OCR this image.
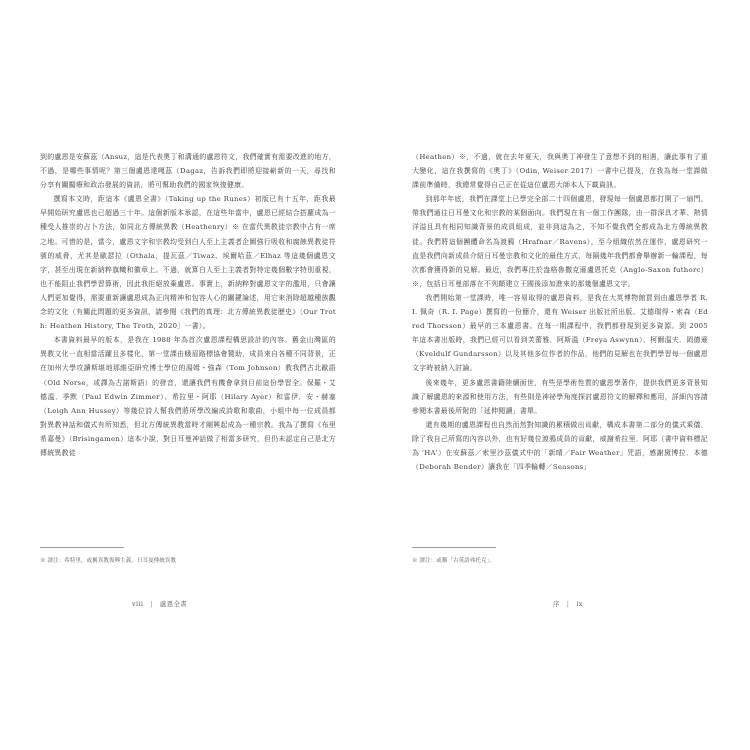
到的盧恩是安蘇茲（Ansuz，這是代表奧丁和溝通的盧恩符文，我們確實有需要改進的地方，不過，是哪些事情呢？第三個盧恩達嘎茲（Dagaz，告訴我們即將迎接嶄新的一天，尋找和分享有關醫療和政治發展的資訊，將可幫助我們的國家恢復健康。

撰寫本文時，距這本《盧恩全書》（Taking up the Runes）初版已有十五年，距我最早開始研究盧恩也已超過三十年。這個新版本承認，在這些年當中，盧恩已經結合搭蘿成為一種受人推崇的占卜方法，如同北方傳統異教（Heathenry）※ 在當代異教徒宗教中占有一席之地。可惜的是，當今，盧恩文字和宗教均受到白人至上主義者企圖強行吸收和腐蝕異教徒符號的威脅，尤其是歐瑟拉（Othala，提瓦茲／Tiwaz、埃爾哈茲／Elhaz 等這幾個盧恩文字，甚至出現在新納粹旗幟和徽章上。不過，就算白人至上主義者對特定幾個數字特別重視，也不能阻止我們學習算術，因此我拒絕放棄盧恩。事實上，新納粹對盧恩文字的濫用，只會讓人們更加覺得，需要重新讓盧恩成為正向精神和包容人心的關鍵論述，用它來消除超越種族觀念的文化（有關此問題的更多資訊，請參閱《我們的真理：北方傳統異教徒歷史》〔Our Troth: Heathen History, The Troth, 2020〕一書）。

本書資料最早的版本，是我在 1988 年為首次盧恩課程構思設計的內容。舊金山灣區的異教文化一直相當活躍且多樣化，第一堂課由蛾眉路標協會贊助，成員來自各種不同背景，正在加州大學攻讀斯堪地那維亞研究博士學位的湯姆・強森（Tom Johnson）教我們古北歐語（Old Norse，或譯為古諾斯語）的發音，還讓我們有機會拿到目前這份學習全。保羅・艾德溫．季默（Paul Edwin Zimmer）、希拉里・阿耶（Hilary Ayer）和雷伊．安・赫塞（Leigh Ann Hussey）等幾位詩人幫我們將所學改編成詩歌和歌曲，小組中每一位成員都對異教神話和儀式有所知悉，但北方傳統異教當時才剛興起成為一種宗教。我為了撰寫《布里希嘉曼》（Brisingamen）這本小說，對日耳曼神話做了相當多研究，但仍未認定自己是北方傳統異教徒

※ 譯注：希特里，或稱異教復興主義，日耳曼傳統異教
viii | 盧恩全書

（Heathen）※，不過，就在去年夏天，我與奧丁神發生了意想不到的相遇，讓此事有了重大變化，這在我撰寫的《奧丁》（Odin, Weiser 2017）一書中已提及，在我為每一堂課做課前準備時，我總常覺得自己正在從這位盧恩大師本人下載資訊。

到那年年底，我們在課堂上已學完全部二十四個盧恩，發現每一個盧恩都打開了一扇門，帶我們通往日耳曼文化和宗教的某個面向。我們現在有一個工作團隊，由一群深具才華、熱情洋溢且具有相同知識背景的成員組成，並非到這為之，不知不覺我們全都成為北方傳統異教徒。我們將這個團體命名為渡鴉（Hrafnar／Ravens），至今組織依然在運作，盧恩研究一直是我們向新成員介紹日耳曼宗教和文化的最佳方式，每隔幾年我們都會舉辦新一輪課程，每次都會獲得新的見解。最近，我們專注於盎格魯撒克遜盧恩托克（Anglo-Saxon futhorc）※，包括日耳曼部落在不列顛建立王國後添加進來的那幾個盧恩文字。

我們開始第一堂課時，唯一容易取得的盧恩資料，是我在大英博物館買到由盧恩學者 R. I. 佩奇（R. I. Page）撰寫的一份簡介，還有 Weiser 出版社所出版、艾德瑞得・索森（Edred Thorsson）最早的三本盧恩書。在每一期課程中，我們都發現到更多資源。到 2005 年這本書出版時，我們已經可以看到芙蕾雅．阿斯溫（Freya Aswynn）、柯爾溫夫．岡德遜（Kveldulf Gundarsson）以及其他多位作者的作品，他們的見解也在我們學習每一個盧恩文字時被納入討論。

後來幾年，更多盧恩書籍陸續面世，有些是學術性質的盧恩學著作，提供我們更多背景知識了解盧恩的來源和使用方法，有些則是神祕學角度探討盧恩符文的解釋和應用，詳細內容請參閱本書最後所附的「延伸閱讀」書單。

還有幾期的盧恩課程也自然而然對知識的累積做出貢獻，構成本書第二部分的儀式乘儀，除了我自己所寫的內容以外，也有好幾位渡鴉成員的貢獻，威謝希拉里．阿耶（書中資料標記為 'HA'）在安蘇茲／索里沙茲儀式中的「新晴／Fair Weather」咒語，感謝黛博拉．本德（Deborah Bender）讓我在「四季輪轉／Seasons」

※ 譯注：或稱「古英語弗托克」。
序 | ix
